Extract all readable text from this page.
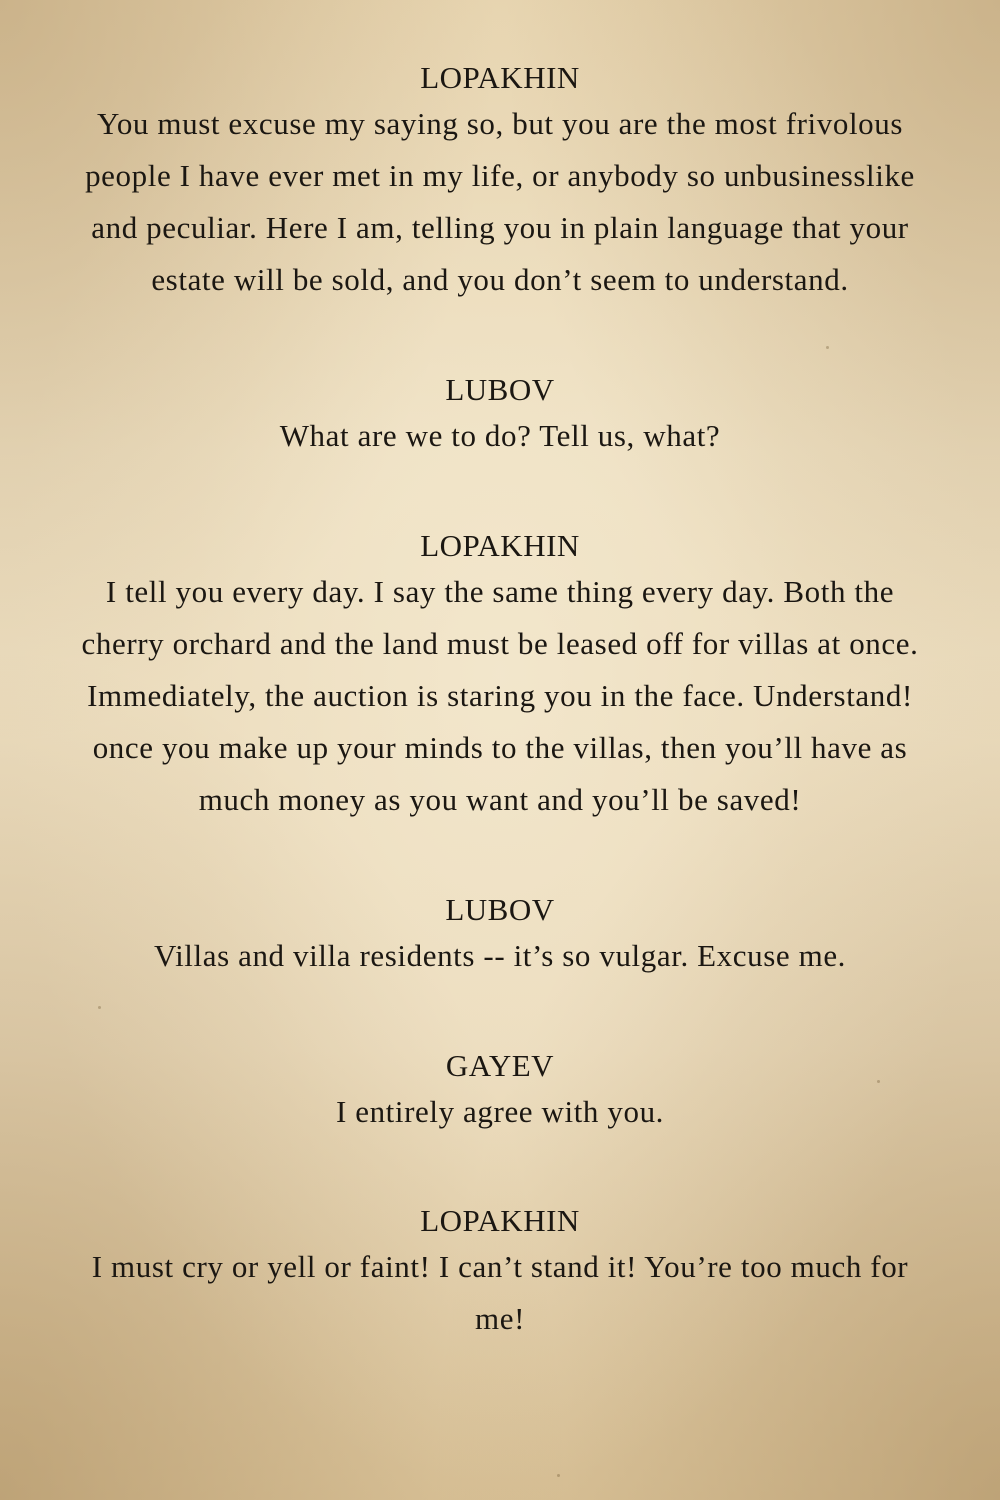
LOPAKHIN

You must excuse my saying so, but you are the most frivolous

people I have ever met in my life, or anybody so unbusinesslike

and peculiar. Here I am, telling you in plain language that your

estate will be sold, and you don’t seem to understand.

LUBOV

What are we to do? Tell us, what?

LOPAKHIN

I tell you every day. I say the same thing every day. Both the

cherry orchard and the land must be leased off for villas at once.

Immediately, the auction is staring you in the face. Understand!

once you make up your minds to the villas, then you’ll have as

much money as you want and you’ll be saved!

LUBOV

Villas and villa residents -- it’s so vulgar. Excuse me.

GAYEV

I entirely agree with you.

LOPAKHIN

I must cry or yell or faint! I can’t stand it! You’re too much for

me!
